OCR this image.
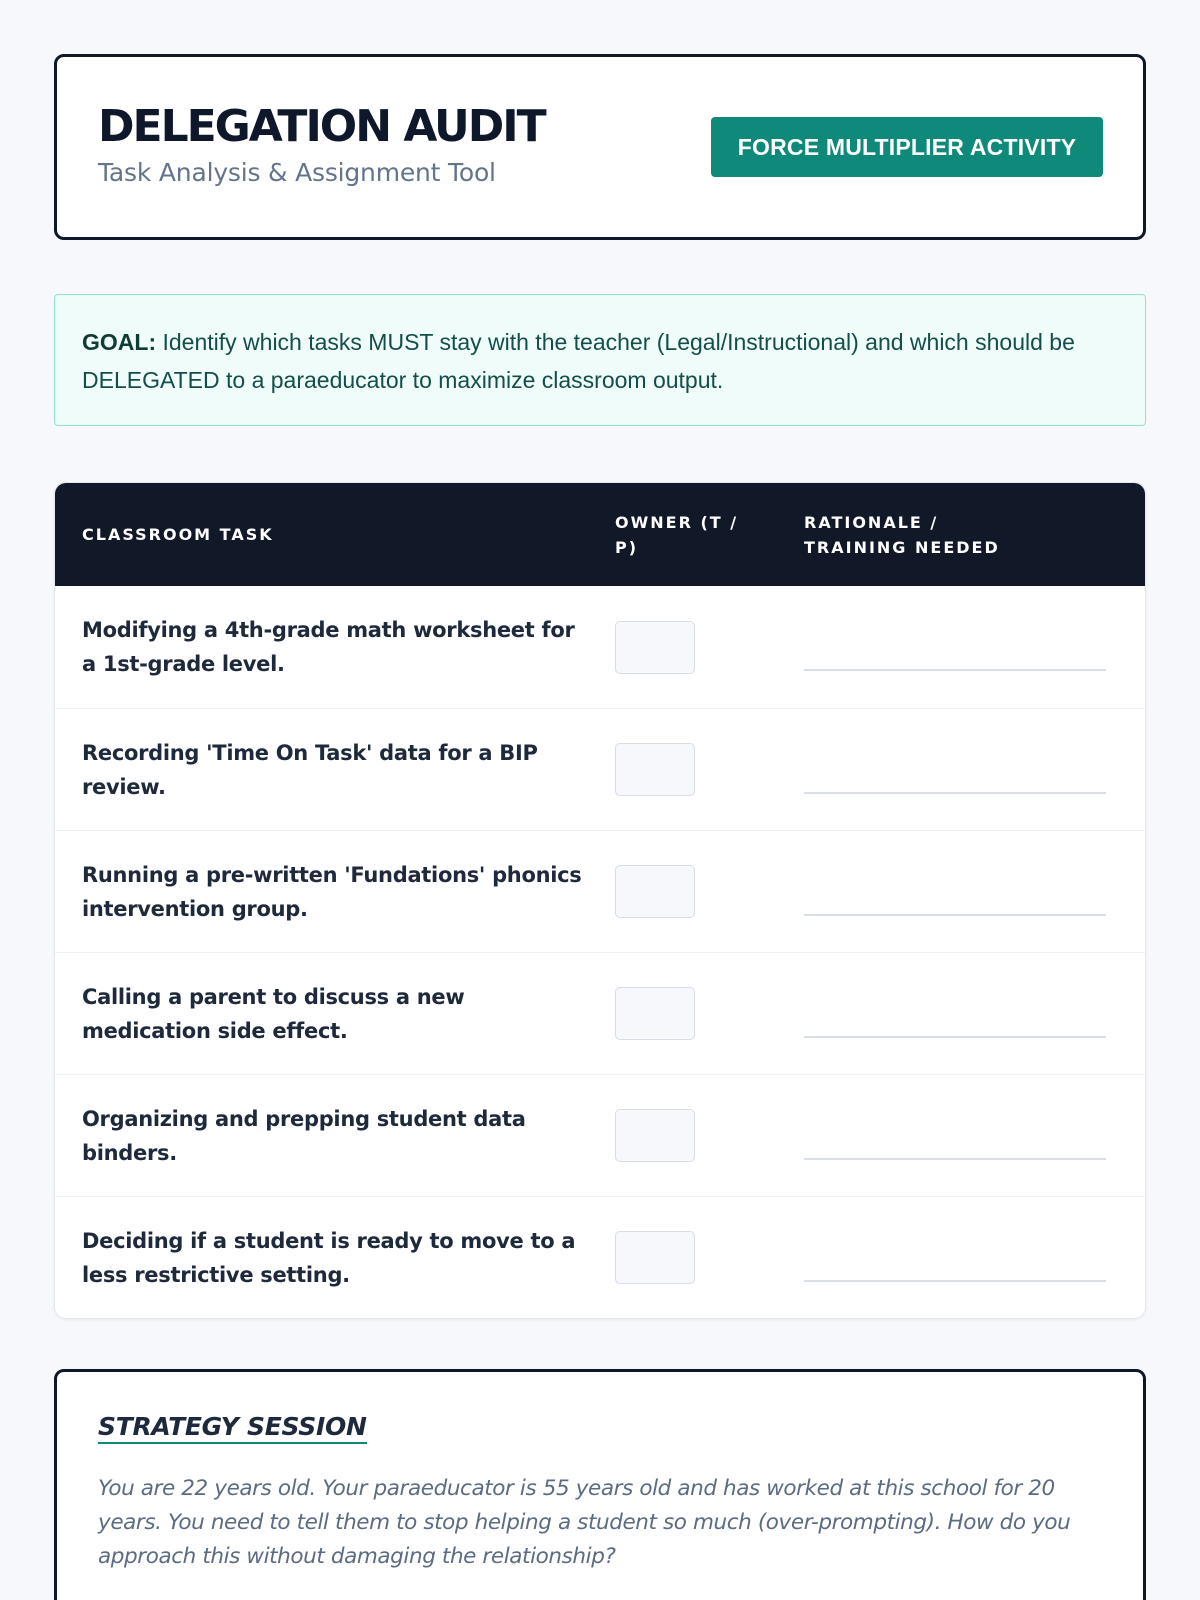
DELEGATION AUDIT
Task Analysis & Assignment Tool
FORCE MULTIPLIER ACTIVITY
GOAL: Identify which tasks MUST stay with the teacher (Legal/Instructional) and which should be DELEGATED to a paraeducator to maximize classroom output.
CLASSROOM TASK
OWNER (T / P)
RATIONALE / TRAINING NEEDED
Modifying a 4th-grade math worksheet for a 1st-grade level.
Recording 'Time On Task' data for a BIP review.
Running a pre-written 'Fundations' phonics intervention group.
Calling a parent to discuss a new medication side effect.
Organizing and prepping student data binders.
Deciding if a student is ready to move to a less restrictive setting.
STRATEGY SESSION
You are 22 years old. Your paraeducator is 55 years old and has worked at this school for 20 years. You need to tell them to stop helping a student so much (over-prompting). How do you approach this without damaging the relationship?
